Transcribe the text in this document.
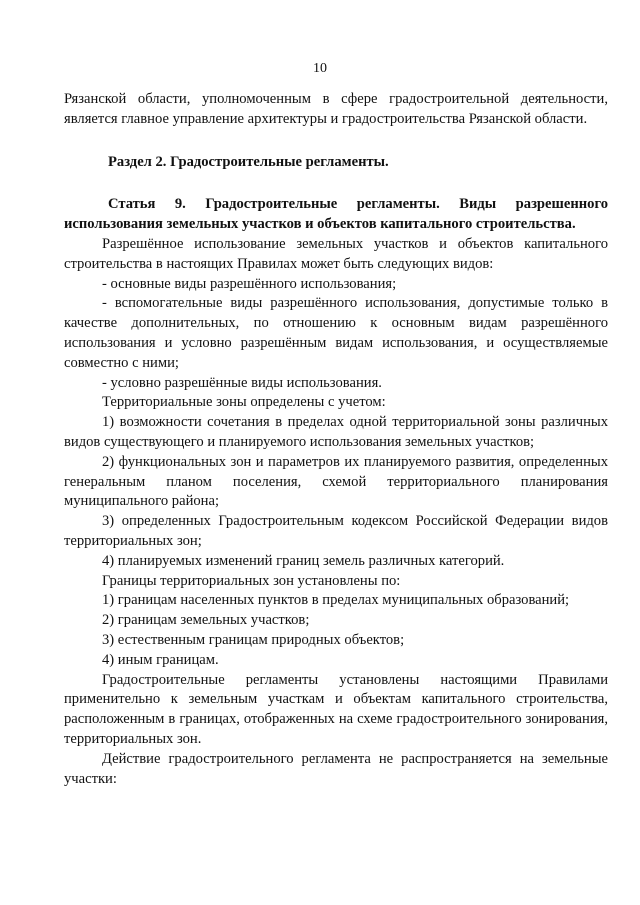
10

Рязанской области, уполномоченным в сфере градостроительной деятельности, является главное управление архитектуры и градостроительства Рязанской области.

Раздел 2. Градостроительные регламенты.

Статья 9. Градостроительные регламенты. Виды разрешенного использования земельных участков и объектов капитального строительства.

Разрешённое использование земельных участков и объектов капитального строительства в настоящих Правилах может быть следующих видов:

- основные виды разрешённого использования;

- вспомогательные виды разрешённого использования, допустимые только в качестве дополнительных, по отношению к основным видам разрешённого использования и условно разрешённым видам использования, и осуществляемые совместно с ними;

- условно разрешённые виды использования.

Территориальные зоны определены с учетом:

1) возможности сочетания в пределах одной территориальной зоны различных видов существующего и планируемого использования земельных участков;

2) функциональных зон и параметров их планируемого развития, определенных генеральным планом поселения, схемой территориального планирования муниципального района;

3) определенных Градостроительным кодексом Российской Федерации видов территориальных зон;

4) планируемых изменений границ земель различных категорий.

Границы территориальных зон установлены по:

1) границам населенных пунктов в пределах муниципальных образований;

2) границам земельных участков;

3) естественным границам природных объектов;

4) иным границам.

Градостроительные регламенты установлены настоящими Правилами применительно к земельным участкам и объектам капитального строительства, расположенным в границах, отображенных на схеме градостроительного зонирования, территориальных зон.

Действие градостроительного регламента не распространяется на земельные участки:
